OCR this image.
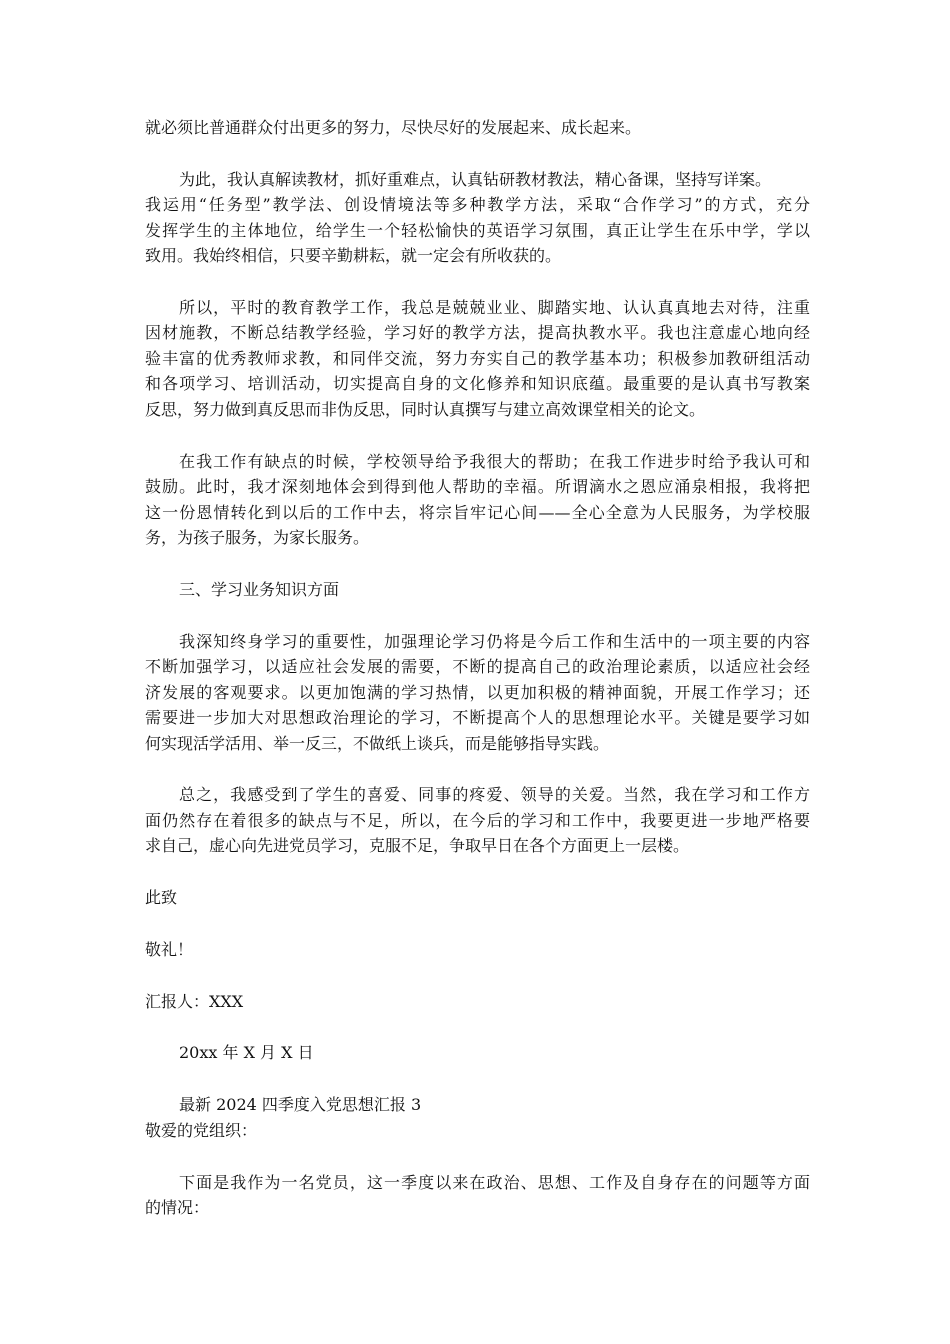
就必须比普通群众付出更多的努力，尽快尽好的发展起来、成长起来。
为此，我认真解读教材，抓好重难点，认真钻研教材教法，精心备课，坚持写详案。
我运用“任务型”教学法、创设情境法等多种教学方法，采取“合作学习”的方式，充分
发挥学生的主体地位，给学生一个轻松愉快的英语学习氛围，真正让学生在乐中学，学以
致用。我始终相信，只要辛勤耕耘，就一定会有所收获的。
所以，平时的教育教学工作，我总是兢兢业业、脚踏实地、认认真真地去对待，注重
因材施教，不断总结教学经验，学习好的教学方法，提高执教水平。我也注意虚心地向经
验丰富的优秀教师求教，和同伴交流，努力夯实自己的教学基本功；积极参加教研组活动
和各项学习、培训活动，切实提高自身的文化修养和知识底蕴。最重要的是认真书写教案
反思，努力做到真反思而非伪反思，同时认真撰写与建立高效课堂相关的论文。
在我工作有缺点的时候，学校领导给予我很大的帮助；在我工作进步时给予我认可和
鼓励。此时，我才深刻地体会到得到他人帮助的幸福。所谓滴水之恩应涌泉相报，我将把
这一份恩情转化到以后的工作中去，将宗旨牢记心间——全心全意为人民服务，为学校服
务，为孩子服务，为家长服务。
三、学习业务知识方面
我深知终身学习的重要性，加强理论学习仍将是今后工作和生活中的一项主要的内容
不断加强学习，以适应社会发展的需要，不断的提高自己的政治理论素质，以适应社会经
济发展的客观要求。以更加饱满的学习热情，以更加积极的精神面貌，开展工作学习；还
需要进一步加大对思想政治理论的学习，不断提高个人的思想理论水平。关键是要学习如
何实现活学活用、举一反三，不做纸上谈兵，而是能够指导实践。
总之，我感受到了学生的喜爱、同事的疼爱、领导的关爱。当然，我在学习和工作方
面仍然存在着很多的缺点与不足，所以，在今后的学习和工作中，我要更进一步地严格要
求自己，虚心向先进党员学习，克服不足，争取早日在各个方面更上一层楼。
此致
敬礼！
汇报人：XXX
20xx 年 X 月 X 日
最新 2024 四季度入党思想汇报 3
敬爱的党组织：
下面是我作为一名党员，这一季度以来在政治、思想、工作及自身存在的问题等方面
的情况：
